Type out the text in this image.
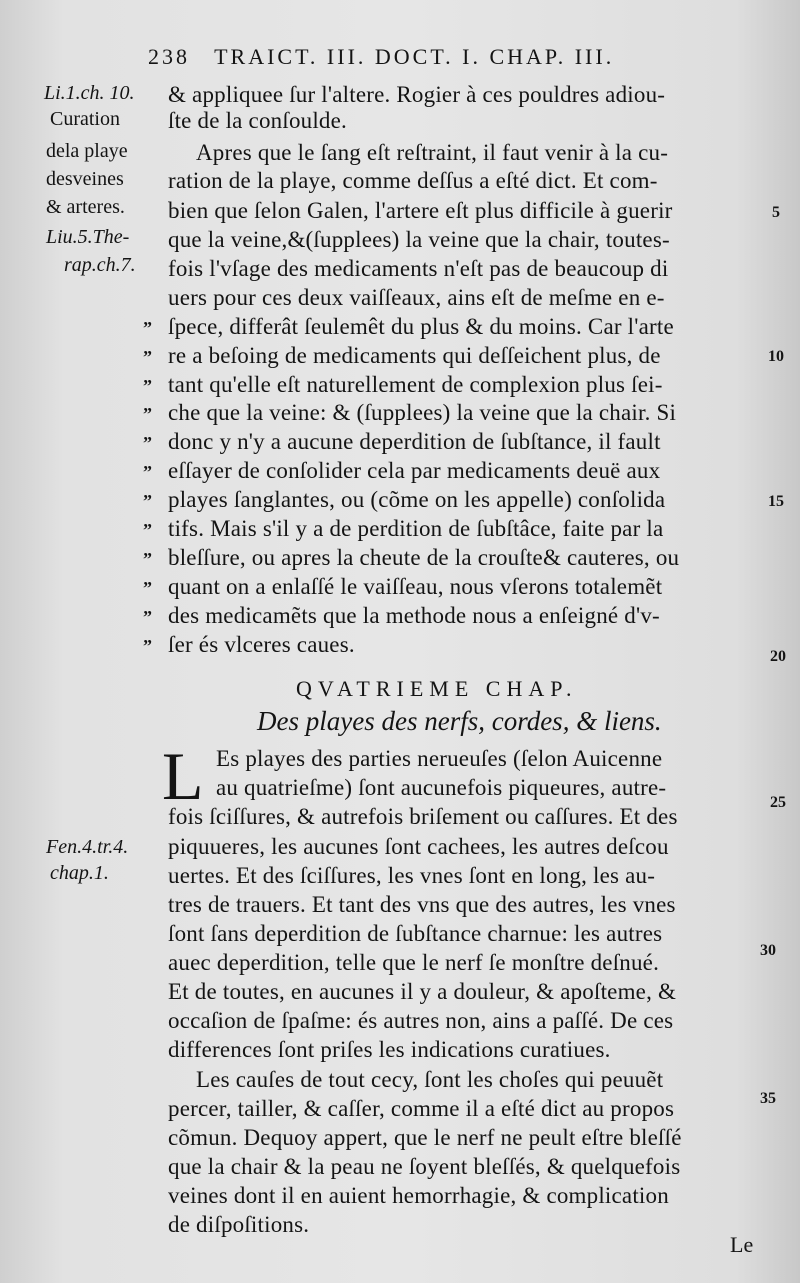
238 TRAICT. III. DOCT. I. CHAP. III.
Li.1.ch. 10.
Curation
dela playe
desveines
& arteres.
Liu.5.The-
rap.ch.7.
Fen.4.tr.4.
chap.1.
& appliquee ſur l'altere. Rogier à ces pouldres adiou-
ſte de la conſoulde.
Apres que le ſang eſt reſtraint, il faut venir à la cu-
ration de la playe, comme deſſus a eſté dict. Et com-
bien que ſelon Galen, l'artere eſt plus difficile à guerir
que la veine,&(ſupplees) la veine que la chair, toutes-
fois l'vſage des medicaments n'eſt pas de beaucoup di
uers pour ces deux vaiſſeaux, ains eſt de meſme en e-
ſpece, differât ſeulemêt du plus & du moins. Car l'arte
re a beſoing de medicaments qui deſſeichent plus, de
tant qu'elle eſt naturellement de complexion plus ſei-
che que la veine: & (ſupplees) la veine que la chair. Si
donc y n'y a aucune deperdition de ſubſtance, il fault
eſſayer de conſolider cela par medicaments deuë aux
playes ſanglantes, ou (cõme on les appelle) conſolida
tifs. Mais s'il y a de perdition de ſubſtâce, faite par la
bleſſure, ou apres la cheute de la crouſte& cauteres, ou
quant on a enlaſſé le vaiſſeau, nous vſerons totalemẽt
des medicamẽts que la methode nous a enſeigné d'v-
ſer és vlceres caues.
”
”
”
”
”
”
”
”
”
”
”
”
5
10
15
20
25
30
35
QVATRIEME CHAP.
Des playes des nerfs, cordes, & liens.
L Es playes des parties nerueuſes (ſelon Auicenne
au quatrieſme) ſont aucunefois piqueures, autre-
fois ſciſſures, & autrefois briſement ou caſſures. Et des
piquueres, les aucunes ſont cachees, les autres deſcou
uertes. Et des ſciſſures, les vnes ſont en long, les au-
tres de trauers. Et tant des vns que des autres, les vnes
ſont ſans deperdition de ſubſtance charnue: les autres
auec deperdition, telle que le nerf ſe monſtre deſnué.
Et de toutes, en aucunes il y a douleur, & apoſteme, &
occaſion de ſpaſme: és autres non, ains a paſſé. De ces
differences ſont priſes les indications curatiues.
Les cauſes de tout cecy, ſont les choſes qui peuuẽt
percer, tailler, & caſſer, comme il a eſté dict au propos
cõmun. Dequoy appert, que le nerf ne peult eſtre bleſſé
que la chair & la peau ne ſoyent bleſſés, & quelquefois
veines dont il en auient hemorrhagie, & complication
de diſpoſitions.
Le
